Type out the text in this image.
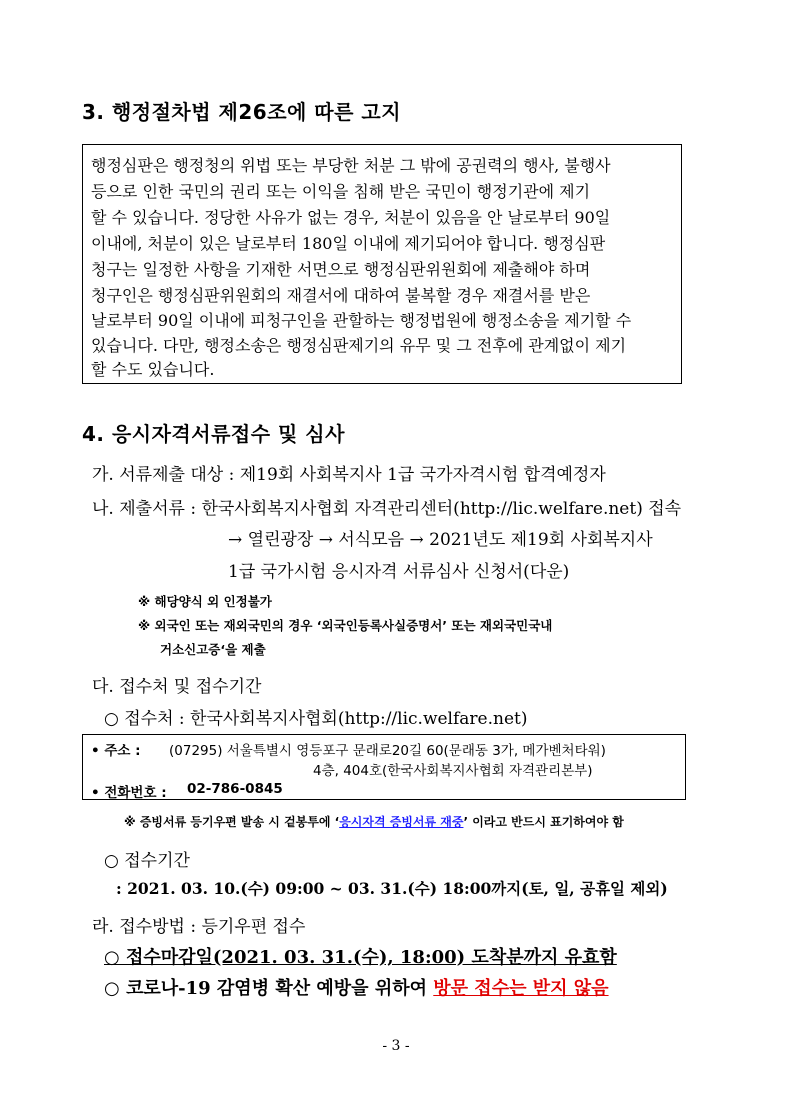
3. 행정절차법 제26조에 따른 고지
행정심판은 행정청의 위법 또는 부당한 처분 그 밖에 공권력의 행사, 불행사
등으로 인한 국민의 권리 또는 이익을 침해 받은 국민이 행정기관에 제기
할 수 있습니다. 정당한 사유가 없는 경우, 처분이 있음을 안 날로부터 90일
이내에, 처분이 있은 날로부터 180일 이내에 제기되어야 합니다. 행정심판
청구는 일정한 사항을 기재한 서면으로 행정심판위원회에 제출해야 하며
청구인은 행정심판위원회의 재결서에 대하여 불복할 경우 재결서를 받은
날로부터 90일 이내에 피청구인을 관할하는 행정법원에 행정소송을 제기할 수
있습니다. 다만, 행정소송은 행정심판제기의 유무 및 그 전후에 관계없이 제기
할 수도 있습니다.
4. 응시자격서류접수 및 심사
가. 서류제출 대상 : 제19회 사회복지사 1급 국가자격시험 합격예정자
나. 제출서류 : 한국사회복지사협회 자격관리센터(http://lic.welfare.net) 접속
→ 열린광장 → 서식모음 → 2021년도 제19회 사회복지사
1급 국가시험 응시자격 서류심사 신청서(다운)
※ 해당양식 외 인정불가
※ 외국인 또는 재외국민의 경우 ‘외국인등록사실증명서’ 또는 재외국민국내
거소신고증‘을 제출
다. 접수처 및 접수기간
○ 접수처 : 한국사회복지사협회(http://lic.welfare.net)
• 주소 : (07295) 서울특별시 영등포구 문래로20길 60(문래동 3가, 메가벤처타워)
4층, 404호(한국사회복지사협회 자격관리본부)
• 전화번호 : 02-786-0845
※ 증빙서류 등기우편 발송 시 겉봉투에 ‘응시자격 증빙서류 재중’ 이라고 반드시 표기하여야 함
○ 접수기간
: 2021. 03. 10.(수) 09:00 ~ 03. 31.(수) 18:00까지(토, 일, 공휴일 제외)
라. 접수방법 : 등기우편 접수
○ 접수마감일(2021. 03. 31.(수), 18:00) 도착분까지 유효함
○ 코로나-19 감염병 확산 예방을 위하여 방문 접수는 받지 않음
- 3 -
